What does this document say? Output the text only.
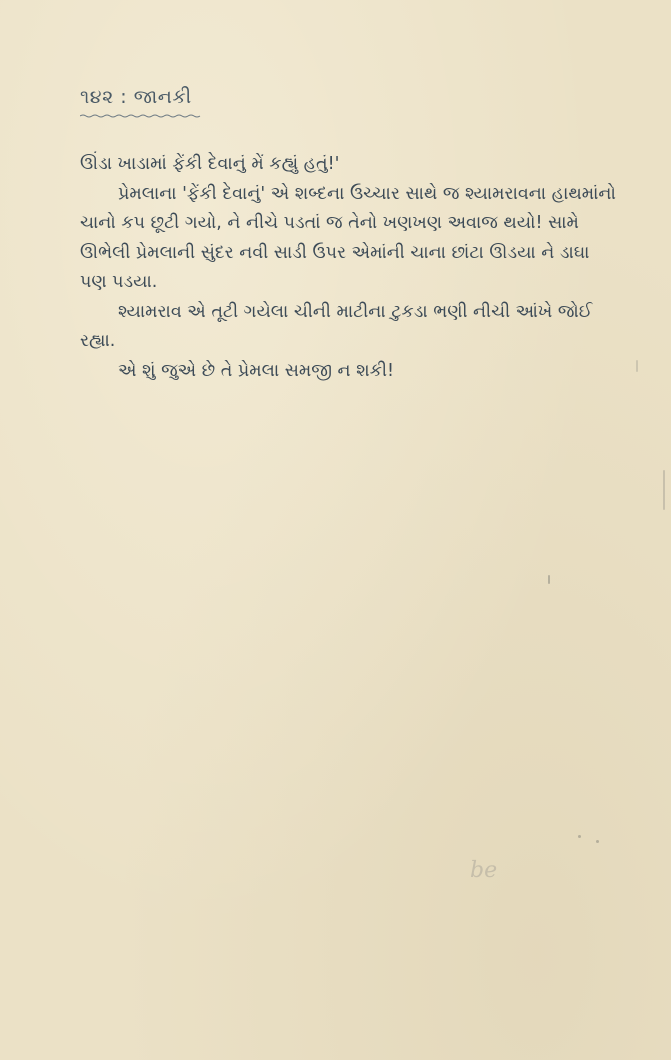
૧૪૨ : જાનકી

ઊંડા ખાડામાં ફેંકી દેવાનું મેં કહ્યું હતું!'

પ્રેમલાના 'ફેંકી દેવાનું' એ શબ્દના ઉચ્ચાર સાથે જ શ્યામરાવના હાથમાંનો ચાનો કપ છૂટી ગયો, ને નીચે પડતાં જ તેનો ખણખણ અવાજ થયો! સામે ઊભેલી પ્રેમલાની સુંદર નવી સાડી ઉપર એમાંની ચાના છાંટા ઊડયા ને ડાઘા પણ પડયા.

શ્યામરાવ એ તૂટી ગયેલા ચીની માટીના ટુકડા ભણી નીચી આંખે જોઈ રહ્યા.

એ શું જુએ છે તે પ્રેમલા સમજી ન શકી!

be
